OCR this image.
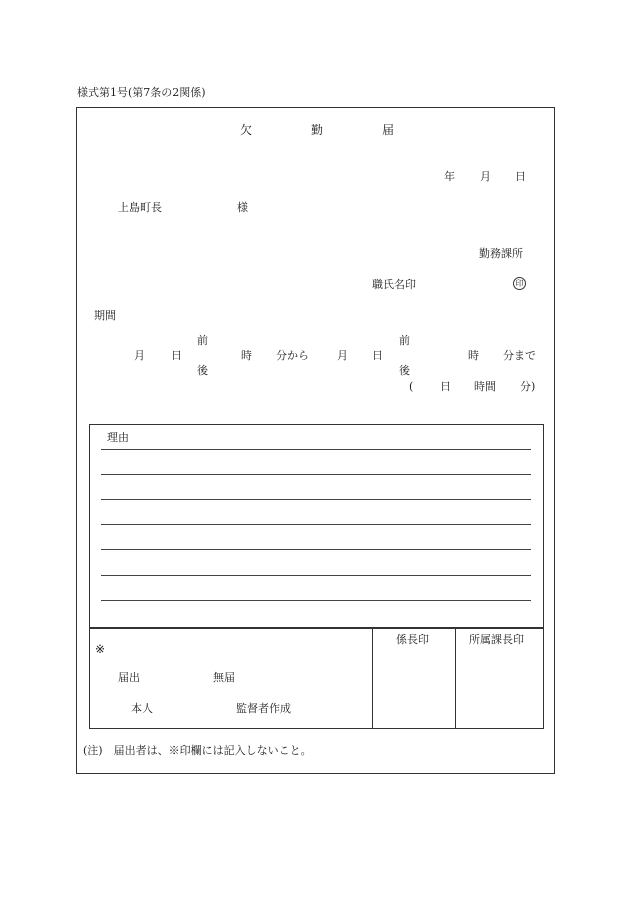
様式第1号(第7条の2関係)
欠	勤	届
年 月 日
上島町長	様
勤務課所
職氏名印	印
期間
前	前
月 日	時 分から	月 日	時 分まで
後	後
( 日 時間 分)
理由
※
届出	無届
本人	監督者作成
係長印	所属課長印
(注)　届出者は、※印欄には記入しないこと。
